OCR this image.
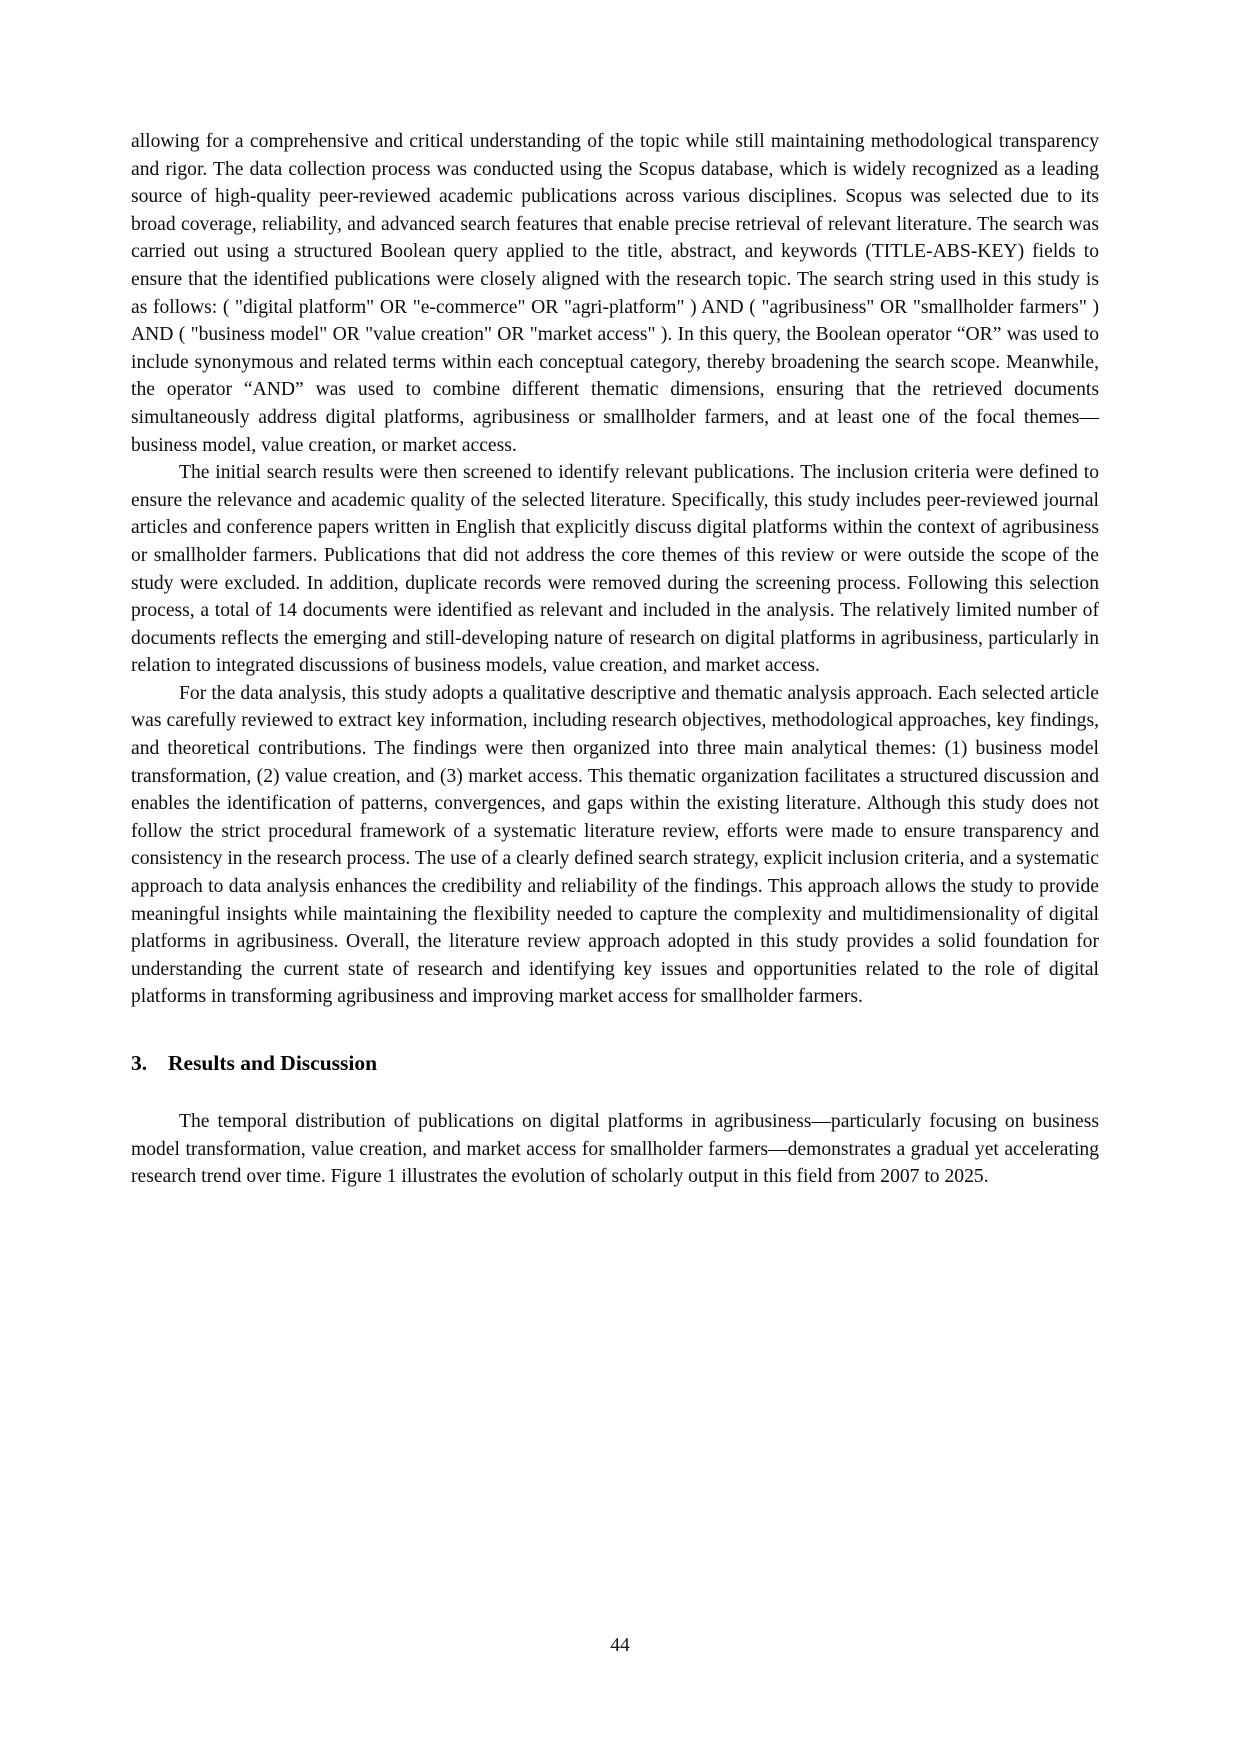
allowing for a comprehensive and critical understanding of the topic while still maintaining methodological transparency and rigor. The data collection process was conducted using the Scopus database, which is widely recognized as a leading source of high-quality peer-reviewed academic publications across various disciplines. Scopus was selected due to its broad coverage, reliability, and advanced search features that enable precise retrieval of relevant literature. The search was carried out using a structured Boolean query applied to the title, abstract, and keywords (TITLE-ABS-KEY) fields to ensure that the identified publications were closely aligned with the research topic. The search string used in this study is as follows: ( "digital platform" OR "e-commerce" OR "agri-platform" ) AND ( "agribusiness" OR "smallholder farmers" ) AND ( "business model" OR "value creation" OR "market access" ). In this query, the Boolean operator “OR” was used to include synonymous and related terms within each conceptual category, thereby broadening the search scope. Meanwhile, the operator “AND” was used to combine different thematic dimensions, ensuring that the retrieved documents simultaneously address digital platforms, agribusiness or smallholder farmers, and at least one of the focal themes—business model, value creation, or market access.

The initial search results were then screened to identify relevant publications. The inclusion criteria were defined to ensure the relevance and academic quality of the selected literature. Specifically, this study includes peer-reviewed journal articles and conference papers written in English that explicitly discuss digital platforms within the context of agribusiness or smallholder farmers. Publications that did not address the core themes of this review or were outside the scope of the study were excluded. In addition, duplicate records were removed during the screening process. Following this selection process, a total of 14 documents were identified as relevant and included in the analysis. The relatively limited number of documents reflects the emerging and still-developing nature of research on digital platforms in agribusiness, particularly in relation to integrated discussions of business models, value creation, and market access.

For the data analysis, this study adopts a qualitative descriptive and thematic analysis approach. Each selected article was carefully reviewed to extract key information, including research objectives, methodological approaches, key findings, and theoretical contributions. The findings were then organized into three main analytical themes: (1) business model transformation, (2) value creation, and (3) market access. This thematic organization facilitates a structured discussion and enables the identification of patterns, convergences, and gaps within the existing literature. Although this study does not follow the strict procedural framework of a systematic literature review, efforts were made to ensure transparency and consistency in the research process. The use of a clearly defined search strategy, explicit inclusion criteria, and a systematic approach to data analysis enhances the credibility and reliability of the findings. This approach allows the study to provide meaningful insights while maintaining the flexibility needed to capture the complexity and multidimensionality of digital platforms in agribusiness. Overall, the literature review approach adopted in this study provides a solid foundation for understanding the current state of research and identifying key issues and opportunities related to the role of digital platforms in transforming agribusiness and improving market access for smallholder farmers.

3. Results and Discussion

The temporal distribution of publications on digital platforms in agribusiness—particularly focusing on business model transformation, value creation, and market access for smallholder farmers—demonstrates a gradual yet accelerating research trend over time. Figure 1 illustrates the evolution of scholarly output in this field from 2007 to 2025.

44
